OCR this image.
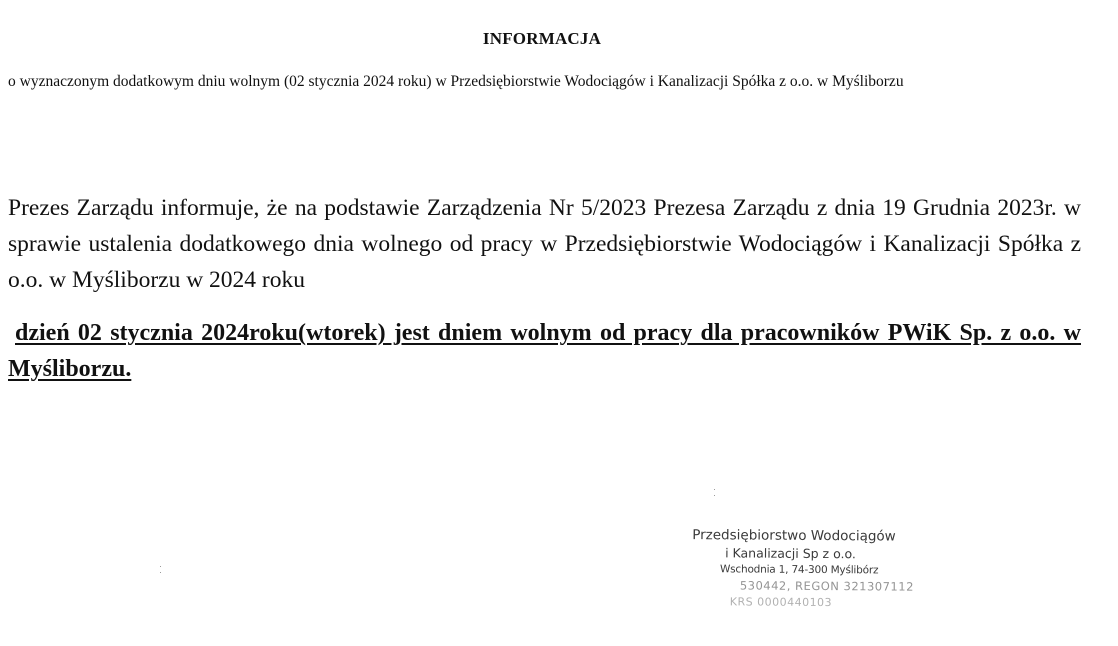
INFORMACJA
o wyznaczonym dodatkowym dniu wolnym (02 stycznia 2024 roku) w Przedsiębiorstwie Wodociągów i Kanalizacji Spółka z o.o. w Myśliborzu
Prezes Zarządu informuje, że na podstawie Zarządzenia Nr 5/2023 Prezesa Zarządu z dnia 19 Grudnia 2023r. w sprawie ustalenia dodatkowego dnia wolnego od pracy w Przedsiębiorstwie Wodociągów i Kanalizacji Spółka z o.o. w Myśliborzu w 2024 roku
dzień 02 stycznia 2024roku(wtorek) jest dniem wolnym od pracy dla pracowników PWiK Sp. z o.o. w Myśliborzu.
Przedsiębiorstwo Wodociągów
i Kanalizacji Sp z o.o.
Wschodnia 1, 74-300 Myślibórz
530442, REGON 321307112
KRS 0000440103
